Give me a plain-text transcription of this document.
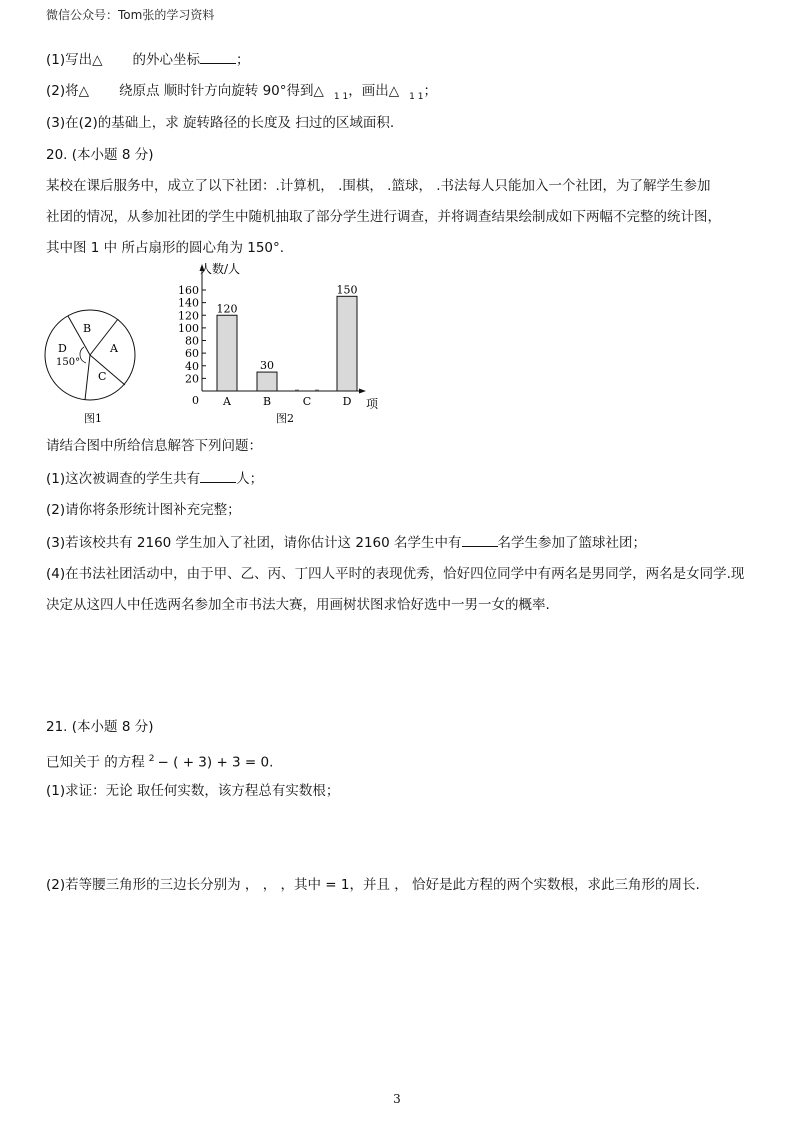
微信公众号：Tom张的学习资料
(1)写出△ 的外心坐标	；
(2)将△ 绕原点 顺时针方向旋转 90°得到△ $_{1 1}$，画出△ $_{1 1}$；
(3)在(2)的基础上，求 旋转路径的长度及 扫过的区域面积.
20. (本小题 8 分)
某校在课后服务中，成立了以下社团：.计算机， .围棋， .篮球， .书法每人只能加入一个社团，为了解学生参加
社团的情况，从参加社团的学生中随机抽取了部分学生进行调查，并将调查结果绘制成如下两幅不完整的统计图，
其中图 1 中 所占扇形的圆心角为 150°.
B
A
D
150°
C
图1
20
40
60
80
100
120
140
160
120
30
150
A	B	C	D
人数/人
项
0
图2
请结合图中所给信息解答下列问题：
(1)这次被调查的学生共有	人；
(2)请你将条形统计图补充完整；
(3)若该校共有 2160 学生加入了社团，请你估计这 2160 名学生中有	名学生参加了篮球社团；
(4)在书法社团活动中，由于甲、乙、丙、丁四人平时的表现优秀，恰好四位同学中有两名是男同学，两名是女同学.现
决定从这四人中任选两名参加全市书法大赛，用画树状图求恰好选中一男一女的概率.
21. (本小题 8 分)
已知关于 的方程 $^2$ − ( + 3) + 3 = 0.
(1)求证：无论 取任何实数，该方程总有实数根；
(2)若等腰三角形的三边长分别为 ， ， ，其中 = 1，并且 ， 恰好是此方程的两个实数根，求此三角形的周长.
3
